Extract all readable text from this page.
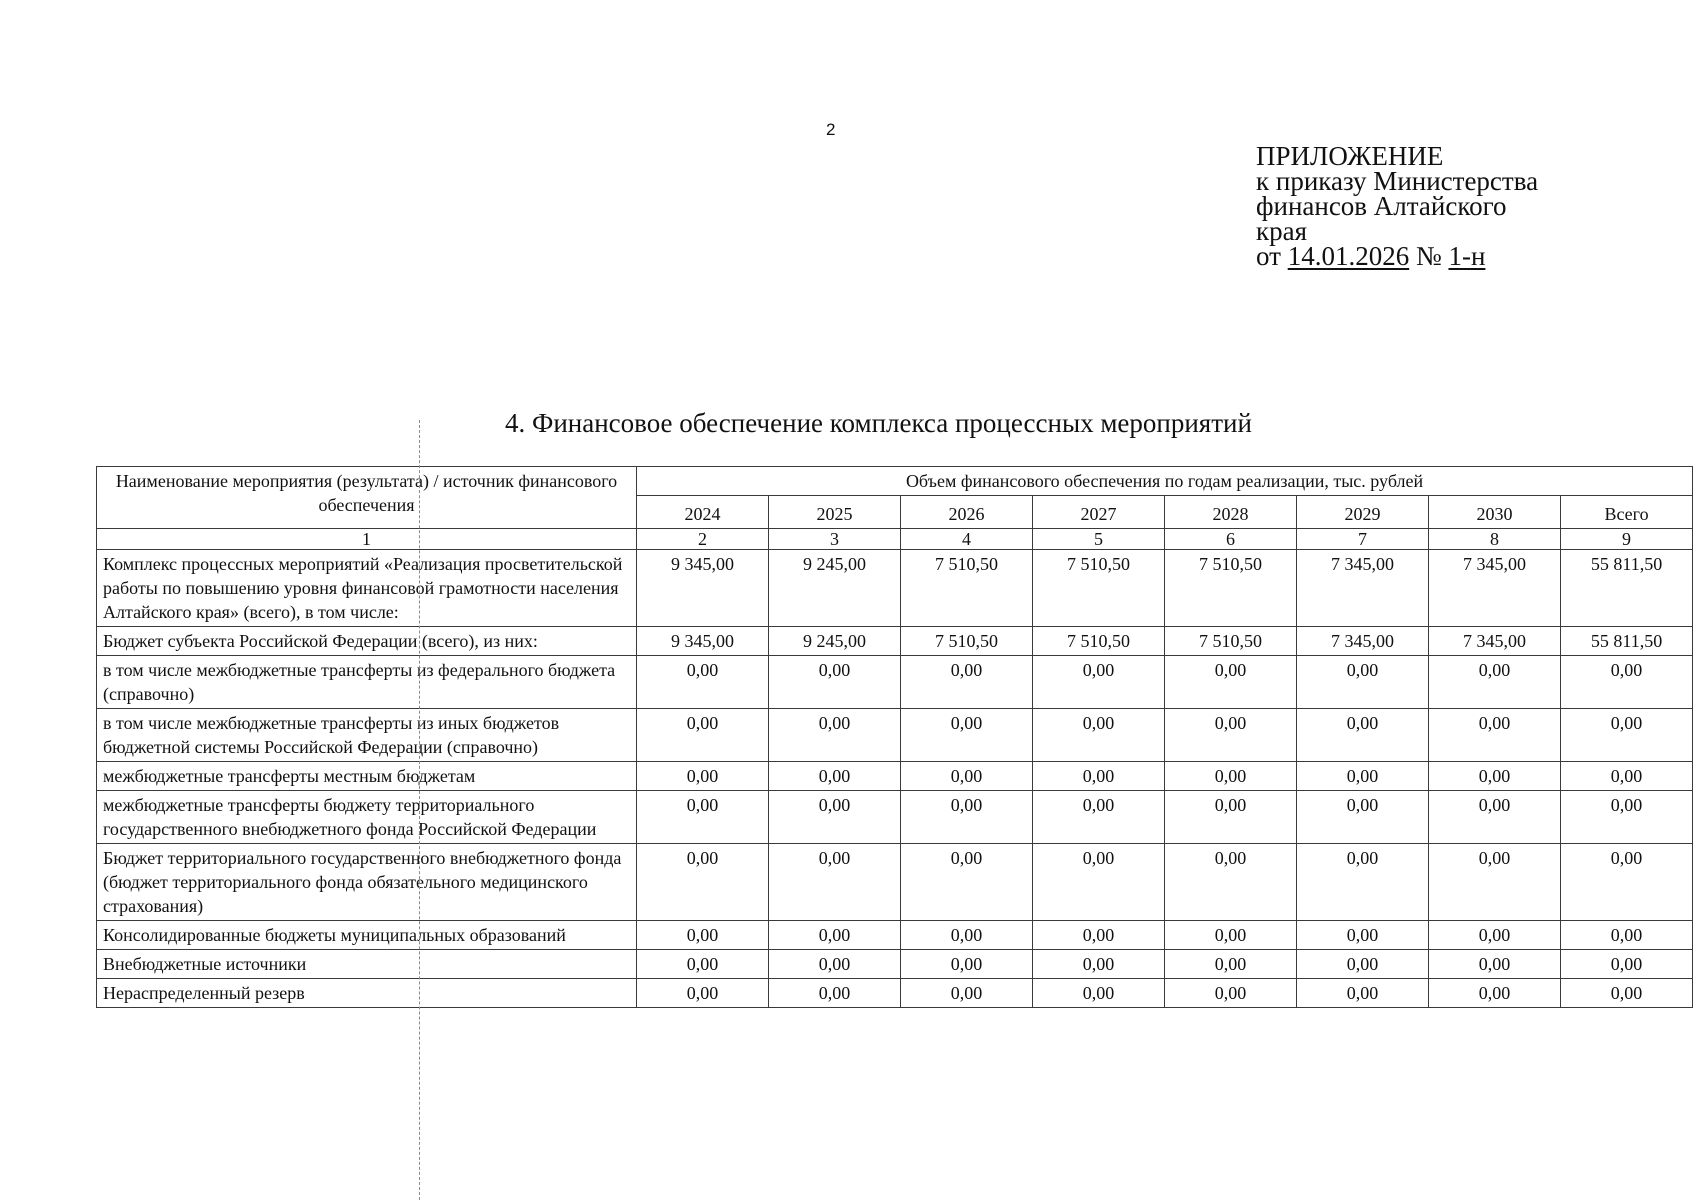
2
ПРИЛОЖЕНИЕ
к приказу Министерства
финансов Алтайского
края
от 14.01.2026 № 1-н
4. Финансовое обеспечение комплекса процессных мероприятий
Наименование мероприятия (результата) / источник финансового обеспечения	Объем финансового обеспечения по годам реализации, тыс. рублей							
	2024	2025	2026	2027	2028	2029	2030	Всего
1	2	3	4	5	6	7	8	9
Комплекс процессных мероприятий «Реализация просветительской работы по повышению уровня финансовой грамотности населения Алтайского края» (всего), в том числе:	9 345,00	9 245,00	7 510,50	7 510,50	7 510,50	7 345,00	7 345,00	55 811,50
Бюджет субъекта Российской Федерации (всего), из них:	9 345,00	9 245,00	7 510,50	7 510,50	7 510,50	7 345,00	7 345,00	55 811,50
в том числе межбюджетные трансферты из федерального бюджета (справочно)	0,00	0,00	0,00	0,00	0,00	0,00	0,00	0,00
в том числе межбюджетные трансферты из иных бюджетов бюджетной системы Российской Федерации (справочно)	0,00	0,00	0,00	0,00	0,00	0,00	0,00	0,00
межбюджетные трансферты местным бюджетам	0,00	0,00	0,00	0,00	0,00	0,00	0,00	0,00
межбюджетные трансферты бюджету территориального государственного внебюджетного фонда Российской Федерации	0,00	0,00	0,00	0,00	0,00	0,00	0,00	0,00
Бюджет территориального государственного внебюджетного фонда (бюджет территориального фонда обязательного медицинского страхования)	0,00	0,00	0,00	0,00	0,00	0,00	0,00	0,00
Консолидированные бюджеты муниципальных образований	0,00	0,00	0,00	0,00	0,00	0,00	0,00	0,00
Внебюджетные источники	0,00	0,00	0,00	0,00	0,00	0,00	0,00	0,00
Нераспределенный резерв	0,00	0,00	0,00	0,00	0,00	0,00	0,00	0,00
